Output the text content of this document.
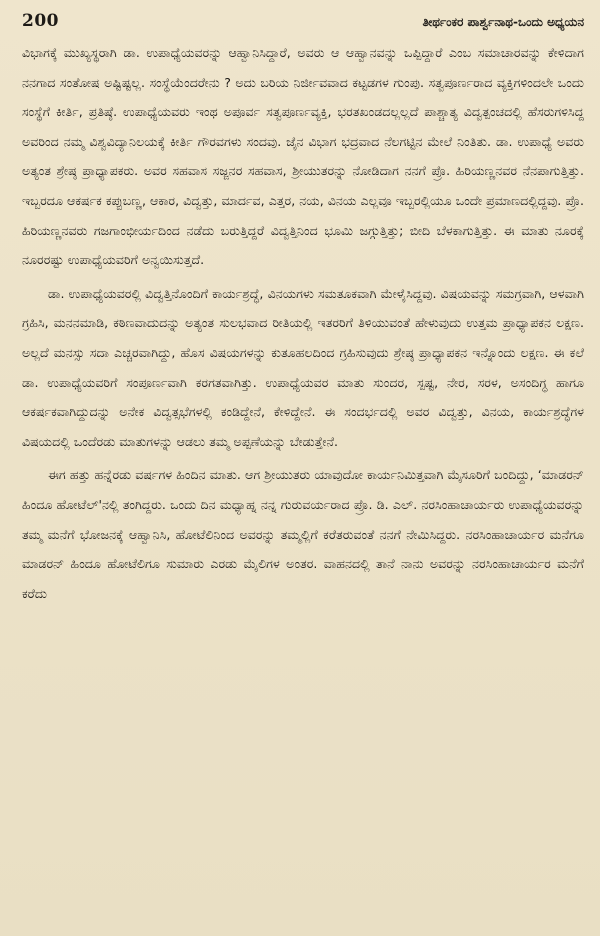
200	ತೀರ್ಥಂಕರ ಪಾರ್ಶ್ವನಾಥ-ಒಂದು ಅಧ್ಯಯನ

ವಿಭಾಗಕ್ಕೆ ಮುಖ್ಯಸ್ಥರಾಗಿ ಡಾ. ಉಪಾಧ್ಯೆಯವರನ್ನು ಆಹ್ವಾನಿಸಿದ್ದಾರೆ, ಅವರು ಆ ಆಹ್ವಾನವನ್ನು ಒಪ್ಪಿದ್ದಾರೆ ಎಂಬ ಸಮಾಚಾರವನ್ನು ಕೇಳಿದಾಗ ನನಗಾದ ಸಂತೋಷ ಅಷ್ಟಿಷ್ಟಲ್ಲ. ಸಂಸ್ಥೆಯೆಂದರೇನು ? ಅದು ಬರಿಯ ನಿರ್ಜೀವವಾದ ಕಟ್ಟಡಗಳ ಗುಂಪು. ಸತ್ವಪೂರ್ಣರಾದ ವ್ಯಕ್ತಿಗಳಿಂದಲೇ ಒಂದು ಸಂಸ್ಥೆಗೆ ಕೀರ್ತಿ, ಪ್ರತಿಷ್ಠೆ. ಉಪಾಧ್ಯೆಯವರು ಇಂಥ ಅಪೂರ್ವ ಸತ್ವಪೂರ್ಣವ್ಯಕ್ತಿ, ಭರತಖಂಡದಲ್ಲಲ್ಲದೆ ಪಾಶ್ಚಾತ್ಯ ವಿದ್ವತ್ಪಂಚದಲ್ಲಿ ಹೆಸರುಗಳಿಸಿದ್ದ ಅವರಿಂದ ನಮ್ಮ ವಿಶ್ವವಿದ್ಯಾನಿಲಯಕ್ಕೆ ಕೀರ್ತಿ ಗೌರವಗಳು ಸಂದವು. ಜೈನ ವಿಭಾಗ ಭದ್ರವಾದ ನೆಲಗಟ್ಟಿನ ಮೇಲೆ ನಿಂತಿತು. ಡಾ. ಉಪಾಧ್ಯೆ ಅವರು ಅತ್ಯಂತ ಶ್ರೇಷ್ಠ ಪ್ರಾಧ್ಯಾಪಕರು. ಅವರ ಸಹವಾಸ ಸಜ್ಜನರ ಸಹವಾಸ, ಶ್ರೀಯುತರನ್ನು ನೋಡಿದಾಗ ನನಗೆ ಪ್ರೊ. ಹಿರಿಯಣ್ಣನವರ ನೆನಪಾಗುತ್ತಿತ್ತು. ಇಬ್ಬರದೂ ಆಕರ್ಷಕ ಕಪ್ಪುಬಣ್ಣ, ಆಕಾರ, ವಿದ್ವತ್ತು, ಮಾರ್ದವ, ಎತ್ತರ, ನಯ, ವಿನಯ ಎಲ್ಲವೂ ಇಬ್ಬರಲ್ಲಿಯೂ ಒಂದೇ ಪ್ರಮಾಣದಲ್ಲಿದ್ದವು. ಪ್ರೊ. ಹಿರಿಯಣ್ಣನವರು ಗಜಗಾಂಭೀರ್ಯದಿಂದ ನಡೆದು ಬರುತ್ತಿದ್ದರೆ ವಿದ್ವತ್ತಿನಿಂದ ಭೂಮಿ ಜಗ್ಗುತ್ತಿತ್ತು; ಬೀದಿ ಬೆಳಕಾಗುತ್ತಿತ್ತು. ಈ ಮಾತು ನೂರಕ್ಕೆ ನೂರರಷ್ಟು ಉಪಾಧ್ಯೆಯವರಿಗೆ ಅನ್ವಯಿಸುತ್ತದೆ.

ಡಾ. ಉಪಾಧ್ಯೆಯವರಲ್ಲಿ ವಿದ್ವತ್ತಿನೊಂದಿಗೆ ಕಾರ್ಯಶ್ರದ್ಧೆ, ವಿನಯಗಳು ಸಮತೂಕವಾಗಿ ಮೇಳೈಸಿದ್ದವು. ವಿಷಯವನ್ನು ಸಮಗ್ರವಾಗಿ, ಆಳವಾಗಿ ಗ್ರಹಿಸಿ, ಮನನಮಾಡಿ, ಕಠಿಣವಾದುದನ್ನು ಅತ್ಯಂತ ಸುಲಭವಾದ ರೀತಿಯಲ್ಲಿ ಇತರರಿಗೆ ತಿಳಿಯುವಂತೆ ಹೇಳುವುದು ಉತ್ತಮ ಪ್ರಾಧ್ಯಾಪಕನ ಲಕ್ಷಣ. ಅಲ್ಲದೆ ಮನಸ್ಸು ಸದಾ ಎಚ್ಚರವಾಗಿದ್ದು, ಹೊಸ ವಿಷಯಗಳನ್ನು ಕುತೂಹಲದಿಂದ ಗ್ರಹಿಸುವುದು ಶ್ರೇಷ್ಠ ಪ್ರಾಧ್ಯಾಪಕನ ಇನ್ನೊಂದು ಲಕ್ಷಣ. ಈ ಕಲೆ ಡಾ. ಉಪಾಧ್ಯೆಯವರಿಗೆ ಸಂಪೂರ್ಣವಾಗಿ ಕರಗತವಾಗಿತ್ತು. ಉಪಾಧ್ಯೆಯವರ ಮಾತು ಸುಂದರ, ಸ್ಪಷ್ಟ, ನೇರ, ಸರಳ, ಅಸಂದಿಗ್ಧ ಹಾಗೂ ಆಕರ್ಷಕವಾಗಿದ್ದುದನ್ನು ಅನೇಕ ವಿದ್ವತ್ಸಭೆಗಳಲ್ಲಿ ಕಂಡಿದ್ದೇನೆ, ಕೇಳಿದ್ದೇನೆ. ಈ ಸಂದರ್ಭದಲ್ಲಿ ಅವರ ವಿದ್ವತ್ತು, ವಿನಯ, ಕಾರ್ಯಶ್ರದ್ಧೆಗಳ ವಿಷಯದಲ್ಲಿ ಒಂದೆರಡು ಮಾತುಗಳನ್ನು ಆಡಲು ತಮ್ಮ ಅಪ್ಪಣೆಯನ್ನು ಬೇಡುತ್ತೇನೆ.

ಈಗ ಹತ್ತು ಹನ್ನೆರಡು ವರ್ಷಗಳ ಹಿಂದಿನ ಮಾತು. ಆಗ ಶ್ರೀಯುತರು ಯಾವುದೋ ಕಾರ್ಯನಿಮಿತ್ತವಾಗಿ ಮೈಸೂರಿಗೆ ಬಂದಿದ್ದು, ‘ಮಾಡರನ್ ಹಿಂದೂ ಹೋಟೆಲ್'ನಲ್ಲಿ ತಂಗಿದ್ದರು. ಒಂದು ದಿನ ಮಧ್ಯಾಹ್ನ ನನ್ನ ಗುರುವರ್ಯರಾದ ಪ್ರೊ. ಡಿ. ಎಲ್. ನರಸಿಂಹಾಚಾರ್ಯರು ಉಪಾಧ್ಯೆಯವರನ್ನು ತಮ್ಮ ಮನೆಗೆ ಭೋಜನಕ್ಕೆ ಆಹ್ವಾನಿಸಿ, ಹೋಟೆಲಿನಿಂದ ಅವರನ್ನು ತಮ್ಮಲ್ಲಿಗೆ ಕರೆತರುವಂತೆ ನನಗೆ ನೇಮಿಸಿದ್ದರು. ನರಸಿಂಹಾಚಾರ್ಯರ ಮನೆಗೂ ಮಾಡರನ್ ಹಿಂದೂ ಹೋಟೆಲಿಗೂ ಸುಮಾರು ಎರಡು ಮೈಲಿಗಳ ಅಂತರ. ವಾಹನದಲ್ಲಿ ತಾನೆ ನಾನು ಅವರನ್ನು ನರಸಿಂಹಾಚಾರ್ಯರ ಮನೆಗೆ ಕರೆದು
